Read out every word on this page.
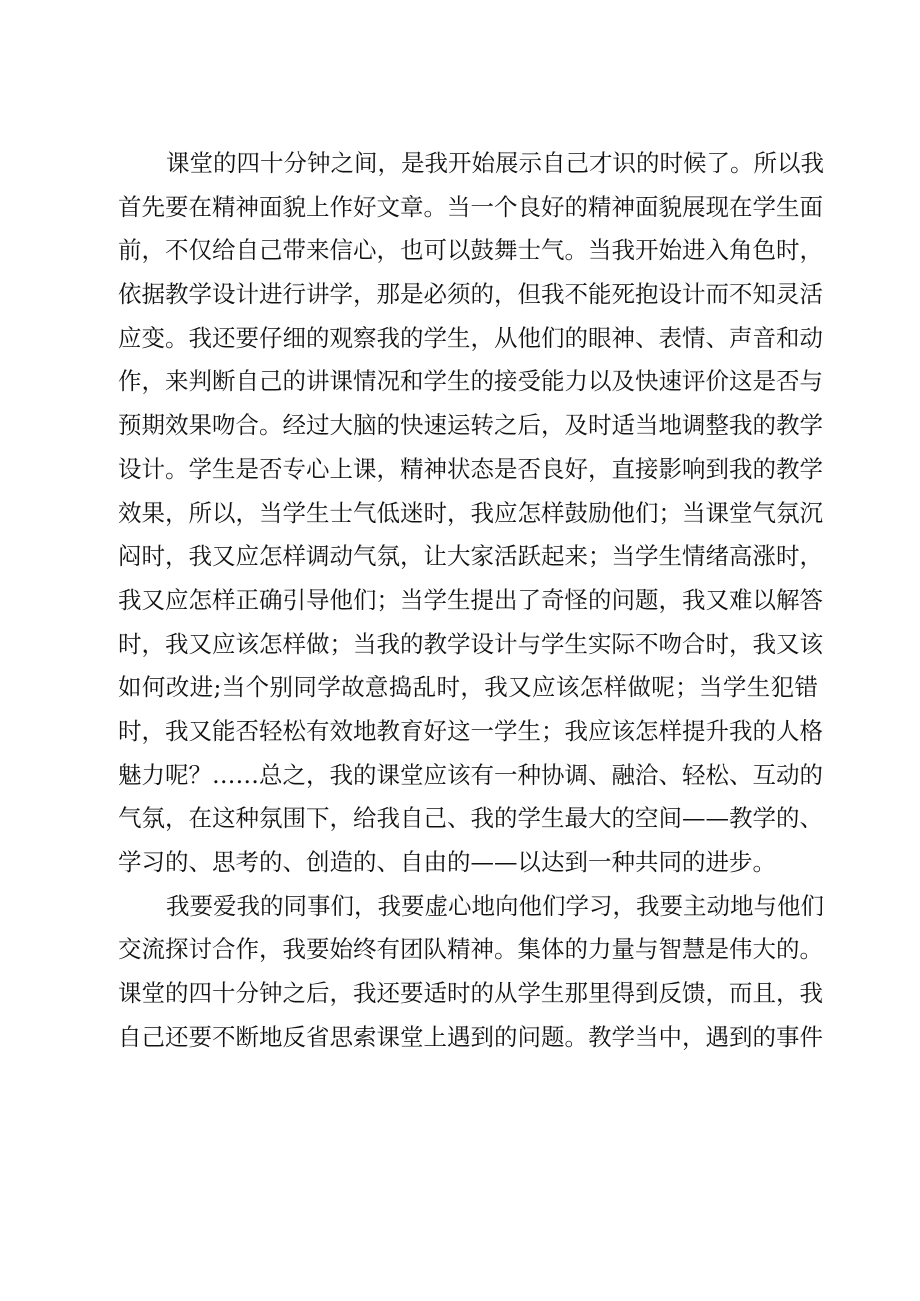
课堂的四十分钟之间，是我开始展示自己才识的时候了。所以我
首先要在精神面貌上作好文章。当一个良好的精神面貌展现在学生面
前，不仅给自己带来信心，也可以鼓舞士气。当我开始进入角色时，
依据教学设计进行讲学，那是必须的，但我不能死抱设计而不知灵活
应变。我还要仔细的观察我的学生，从他们的眼神、表情、声音和动
作，来判断自己的讲课情况和学生的接受能力以及快速评价这是否与
预期效果吻合。经过大脑的快速运转之后，及时适当地调整我的教学
设计。学生是否专心上课，精神状态是否良好，直接影响到我的教学
效果，所以，当学生士气低迷时，我应怎样鼓励他们；当课堂气氛沉
闷时，我又应怎样调动气氛，让大家活跃起来；当学生情绪高涨时，
我又应怎样正确引导他们；当学生提出了奇怪的问题，我又难以解答
时，我又应该怎样做；当我的教学设计与学生实际不吻合时，我又该
如何改进;当个别同学故意捣乱时，我又应该怎样做呢；当学生犯错
时，我又能否轻松有效地教育好这一学生；我应该怎样提升我的人格
魅力呢？……总之，我的课堂应该有一种协调、融洽、轻松、互动的
气氛，在这种氛围下，给我自己、我的学生最大的空间——教学的、
学习的、思考的、创造的、自由的——以达到一种共同的进步。
我要爱我的同事们，我要虚心地向他们学习，我要主动地与他们
交流探讨合作，我要始终有团队精神。集体的力量与智慧是伟大的。
课堂的四十分钟之后，我还要适时的从学生那里得到反馈，而且，我
自己还要不断地反省思索课堂上遇到的问题。教学当中，遇到的事件
